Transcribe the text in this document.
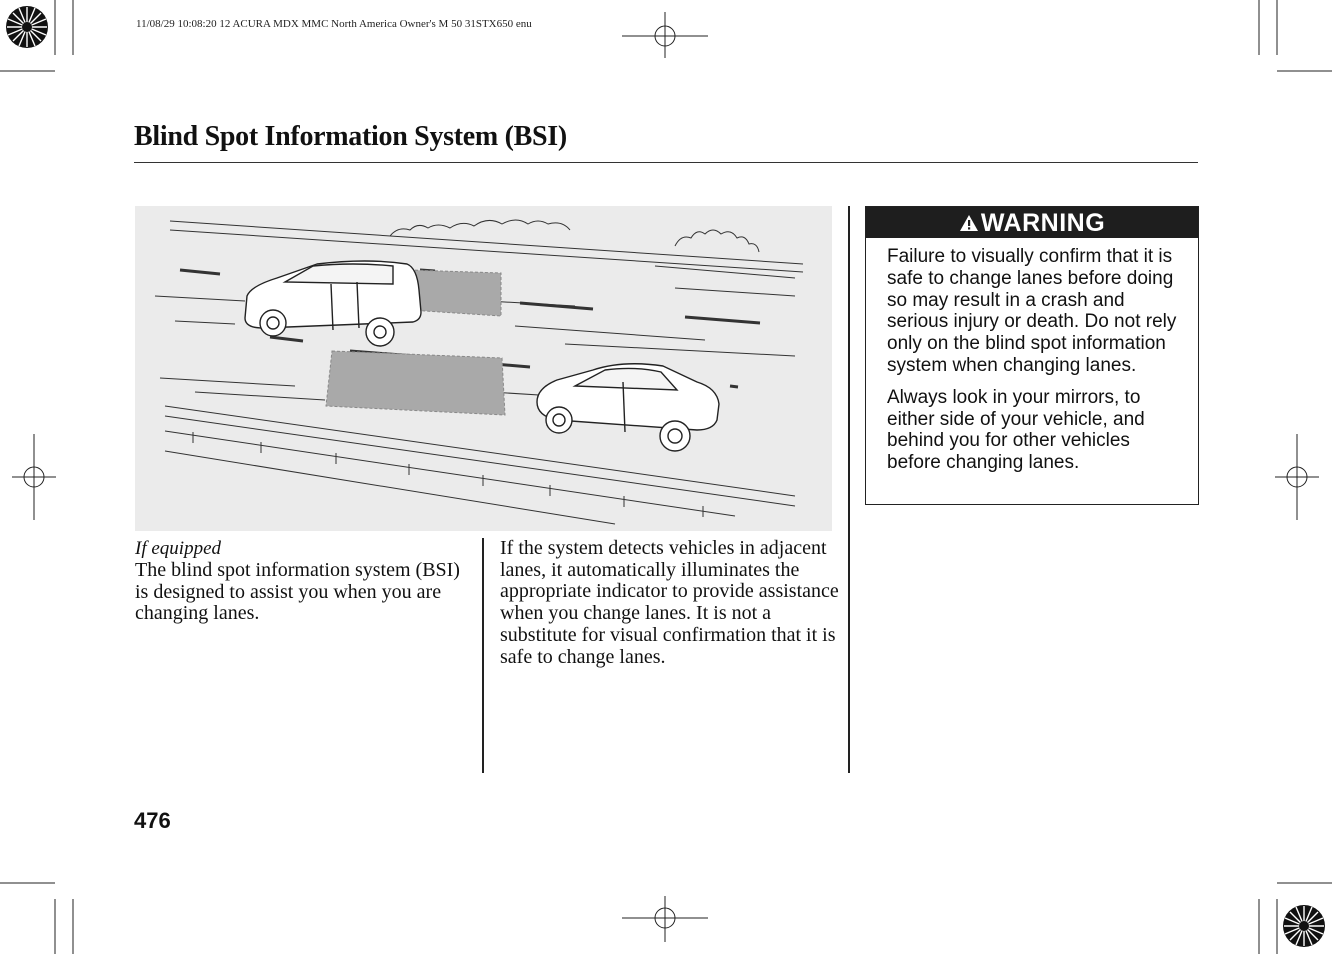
11/08/29 10:08:20 12 ACURA MDX MMC North America Owner's M 50 31STX650 enu
Blind Spot Information System (BSI)
If equipped
The blind spot information system (BSI) is designed to assist you when you are changing lanes.
If the system detects vehicles in adjacent lanes, it automatically illuminates the appropriate indicator to provide assistance when you change lanes. It is not a substitute for visual confirmation that it is safe to change lanes.
WARNING

Failure to visually confirm that it is safe to change lanes before doing so may result in a crash and serious injury or death. Do not rely only on the blind spot information system when changing lanes.

Always look in your mirrors, to either side of your vehicle, and behind you for other vehicles before changing lanes.

476
